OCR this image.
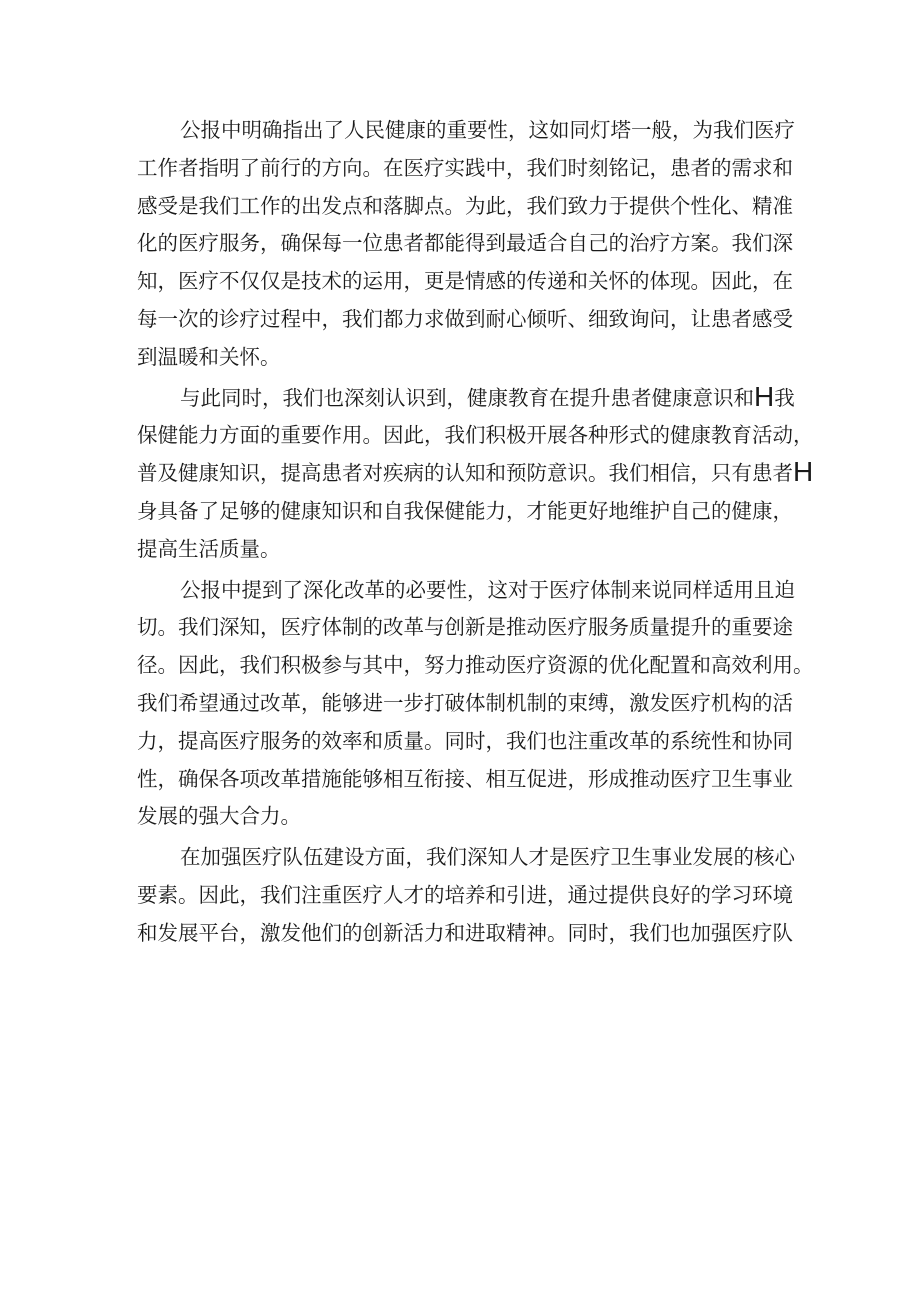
公报中明确指出了人民健康的重要性，这如同灯塔一般，为我们医疗
工作者指明了前行的方向。在医疗实践中，我们时刻铭记，患者的需求和
感受是我们工作的出发点和落脚点。为此，我们致力于提供个性化、精准
化的医疗服务，确保每一位患者都能得到最适合自己的治疗方案。我们深
知，医疗不仅仅是技术的运用，更是情感的传递和关怀的体现。因此，在
每一次的诊疗过程中，我们都力求做到耐心倾听、细致询问，让患者感受
到温暖和关怀。
与此同时，我们也深刻认识到，健康教育在提升患者健康意识和H我
保健能力方面的重要作用。因此，我们积极开展各种形式的健康教育活动，
普及健康知识，提高患者对疾病的认知和预防意识。我们相信，只有患者H
身具备了足够的健康知识和自我保健能力，才能更好地维护自己的健康，
提高生活质量。
公报中提到了深化改革的必要性，这对于医疗体制来说同样适用且迫
切。我们深知，医疗体制的改革与创新是推动医疗服务质量提升的重要途
径。因此，我们积极参与其中，努力推动医疗资源的优化配置和高效利用。
我们希望通过改革，能够进一步打破体制机制的束缚，激发医疗机构的活
力，提高医疗服务的效率和质量。同时，我们也注重改革的系统性和协同
性，确保各项改革措施能够相互衔接、相互促进，形成推动医疗卫生事业
发展的强大合力。
在加强医疗队伍建设方面，我们深知人才是医疗卫生事业发展的核心
要素。因此，我们注重医疗人才的培养和引进，通过提供良好的学习环境
和发展平台，激发他们的创新活力和进取精神。同时，我们也加强医疗队
